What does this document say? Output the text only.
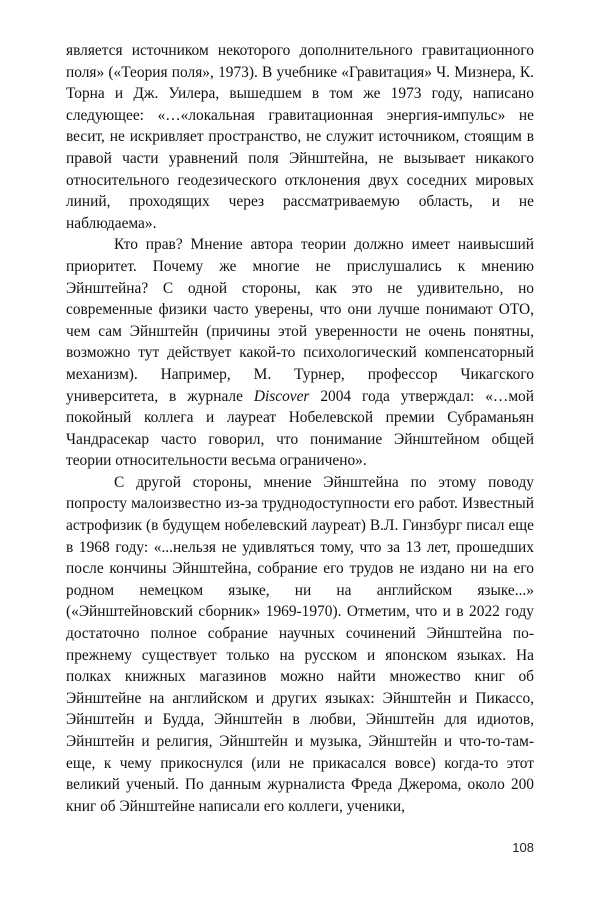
является источником некоторого дополнительного гравитационного поля» («Теория поля», 1973). В учебнике «Гравитация» Ч. Мизнера, К. Торна и Дж. Уилера, вышедшем в том же 1973 году, написано следующее: «…«локальная гравитационная энергия-импульс» не весит, не искривляет пространство, не служит источником, стоящим в правой части уравнений поля Эйнштейна, не вызывает никакого относительного геодезического отклонения двух соседних мировых линий, проходящих через рассматриваемую область, и не наблюдаема».

Кто прав? Мнение автора теории должно имеет наивысший приоритет. Почему же многие не прислушались к мнению Эйнштейна? С одной стороны, как это не удивительно, но современные физики часто уверены, что они лучше понимают ОТО, чем сам Эйнштейн (причины этой уверенности не очень понятны, возможно тут действует какой-то психологический компенсаторный механизм). Например, М. Турнер, профессор Чикагского университета, в журнале Discover 2004 года утверждал: «…мой покойный коллега и лауреат Нобелевской премии Субраманьян Чандрасекар часто говорил, что понимание Эйнштейном общей теории относительности весьма ограничено».

С другой стороны, мнение Эйнштейна по этому поводу попросту малоизвестно из-за труднодоступности его работ. Известный астрофизик (в будущем нобелевский лауреат) В.Л. Гинзбург писал еще в 1968 году: «...нельзя не удивляться тому, что за 13 лет, прошедших после кончины Эйнштейна, собрание его трудов не издано ни на его родном немецком языке, ни на английском языке...» («Эйнштейновский сборник» 1969-1970). Отметим, что и в 2022 году достаточно полное собрание научных сочинений Эйнштейна по-прежнему существует только на русском и японском языках. На полках книжных магазинов можно найти множество книг об Эйнштейне на английском и других языках: Эйнштейн и Пикассо, Эйнштейн и Будда, Эйнштейн в любви, Эйнштейн для идиотов, Эйнштейн и религия, Эйнштейн и музыка, Эйнштейн и что-то-там-еще, к чему прикоснулся (или не прикасался вовсе) когда-то этот великий ученый. По данным журналиста Фреда Джерома, около 200 книг об Эйнштейне написали его коллеги, ученики,

108
